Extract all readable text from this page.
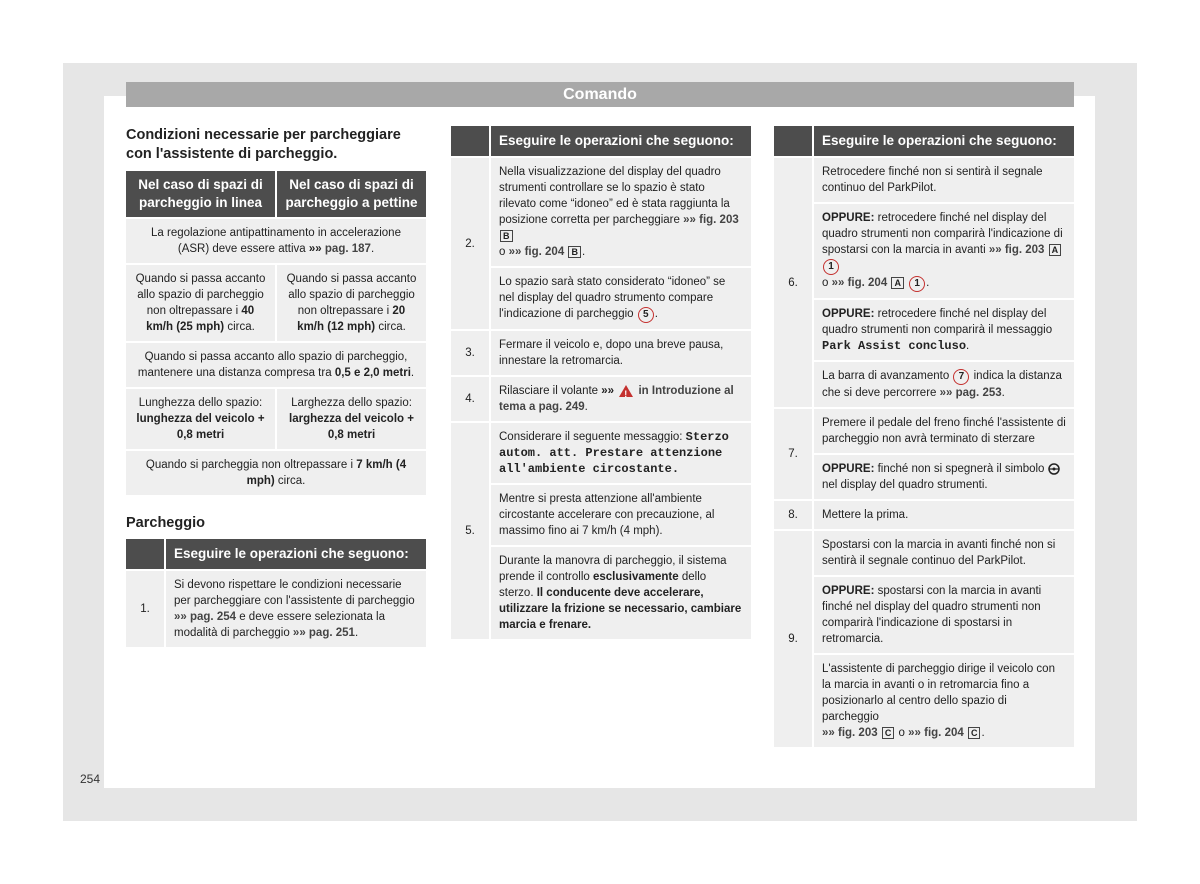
Comando
Condizioni necessarie per parcheggiare con l'assistente di parcheggio.
Nel caso di spazi di parcheggio in linea	Nel caso di spazi di parcheggio a pettine
La regolazione antipattinamento in accelerazione (ASR) deve essere attiva »» pag. 187.	
Quando si passa accanto allo spazio di parcheggio non oltrepassare i 40 km/h (25 mph) circa.	Quando si passa accanto allo spazio di parcheggio non oltrepassare i 20 km/h (12 mph) circa.
Quando si passa accanto allo spazio di parcheggio, mantenere una distanza compresa tra 0,5 e 2,0 metri.	
Lunghezza dello spazio: lunghezza del veicolo + 0,8 metri	Larghezza dello spazio: larghezza del veicolo + 0,8 metri
Quando si parcheggia non oltrepassare i 7 km/h (4 mph) circa.	
Parcheggio
	Eseguire le operazioni che seguono:
1.	Si devono rispettare le condizioni necessarie per parcheggiare con l'assistente di parcheggio »» pag. 254 e deve essere selezionata la modalità di parcheggio »» pag. 251.
	Eseguire le operazioni che seguono:
2.	Nella visualizzazione del display del quadro strumenti controllare se lo spazio è stato rilevato come “idoneo” ed è stata raggiunta la posizione corretta per parcheggiare »» fig. 203 B
o »» fig. 204 B .
	Lo spazio sarà stato considerato “idoneo” se nel display del quadro strumento compare l'indicazione di parcheggio 5 .
3.	Fermare il veicolo e, dopo una breve pausa, innestare la retromarcia.
4.	Rilasciare il volante »» ! in Introduzione al tema a pag. 249.
5.	Considerare il seguente messaggio: Sterzo autom. att. Prestare attenzione all'ambiente circostante.
	Mentre si presta attenzione all'ambiente circostante accelerare con precauzione, al massimo fino ai 7 km/h (4 mph).
	Durante la manovra di parcheggio, il sistema prende il controllo esclusivamente dello sterzo. Il conducente deve accelerare, utilizzare la frizione se necessario, cambiare marcia e frenare.
	Eseguire le operazioni che seguono:
6.	Retrocedere finché non si sentirà il segnale continuo del ParkPilot.
	OPPURE: retrocedere finché nel display del quadro strumenti non comparirà l'indicazione di spostarsi con la marcia in avanti »» fig. 203 A 1
o »» fig. 204 A 1 .
	OPPURE: retrocedere finché nel display del quadro strumenti non comparirà il messaggio Park Assist concluso.
	La barra di avanzamento 7 indica la distanza che si deve percorrere »» pag. 253.
7.	Premere il pedale del freno finché l'assistente di parcheggio non avrà terminato di sterzare
	OPPURE: finché non si spegnerà il simbolo  nel display del quadro strumenti.
8.	Mettere la prima.
9.	Spostarsi con la marcia in avanti finché non si sentirà il segnale continuo del ParkPilot.
	OPPURE: spostarsi con la marcia in avanti finché nel display del quadro strumenti non comparirà l'indicazione di spostarsi in retromarcia.
	L'assistente di parcheggio dirige il veicolo con la marcia in avanti o in retromarcia fino a posizionarlo al centro dello spazio di parcheggio
»» fig. 203 C o »» fig. 204 C .
254
